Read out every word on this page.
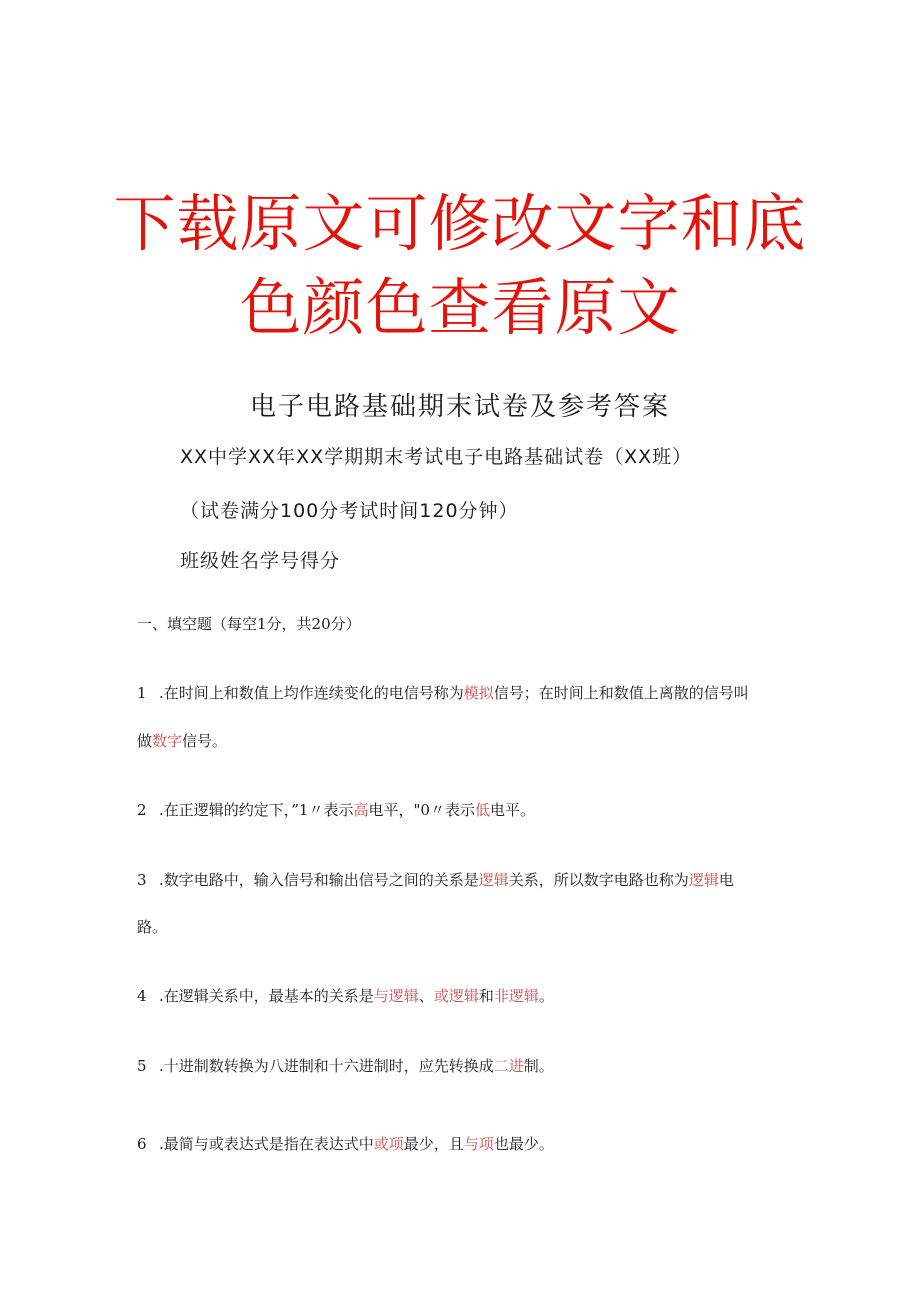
下载原文可修改文字和底
色颜色查看原文
电子电路基础期末试卷及参考答案
XX中学XX年XX学期期末考试电子电路基础试卷（XX班）
（试卷满分100分考试时间120分钟）
班级姓名学号得分
一、填空题（每空1分，共20分）
1 .在时间上和数值上均作连续变化的电信号称为模拟信号；在时间上和数值上离散的信号叫
做数字信号。
2 .在正逻辑的约定下，”1〃表示高电平，"0〃表示低电平。
3 .数字电路中，输入信号和输出信号之间的关系是逻辑关系，所以数字电路也称为逻辑电
路。
4 .在逻辑关系中，最基本的关系是与逻辑、或逻辑和非逻辑。
5 .十进制数转换为八进制和十六进制时，应先转换成二进制。
6 .最简与或表达式是指在表达式中或项最少，且与项也最少。
